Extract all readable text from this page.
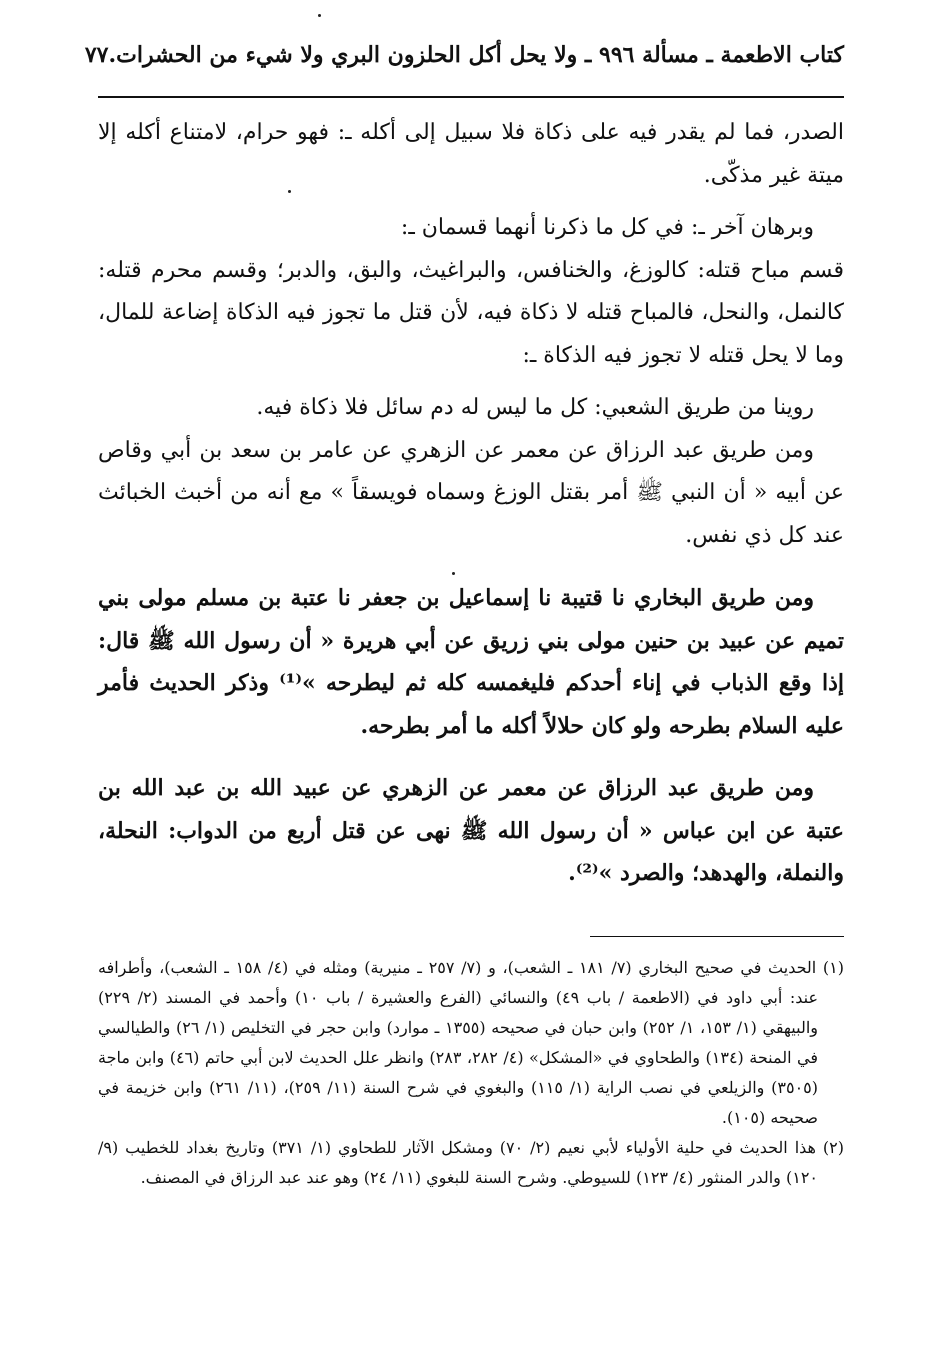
كتاب الاطعمة ـ مسألة ٩٩٦ ـ ولا يحل أكل الحلزون البري ولا شيء من الحشرات.
٧٧

الصدر، فما لم يقدر فيه على ذكاة فلا سبيل إلى أكله ـ: فهو حرام، لامتناع أكله إلا ميتة غير مذكّى.

وبرهان آخر ـ: في كل ما ذكرنا أنهما قسمان ـ:

قسم مباح قتله: كالوزغ، والخنافس، والبراغيث، والبق، والدبر؛ وقسم محرم قتله: كالنمل، والنحل، فالمباح قتله لا ذكاة فيه، لأن قتل ما تجوز فيه الذكاة إضاعة للمال، وما لا يحل قتله لا تجوز فيه الذكاة ـ:

روينا من طريق الشعبي: كل ما ليس له دم سائل فلا ذكاة فيه.

ومن طريق عبد الرزاق عن معمر عن الزهري عن عامر بن سعد بن أبي وقاص عن أبيه « أن النبي ﷺ أمر بقتل الوزغ وسماه فويسقاً » مع أنه من أخبث الخبائث عند كل ذي نفس.

ومن طريق البخاري نا قتيبة نا إسماعيل بن جعفر نا عتبة بن مسلم مولى بني تميم عن عبيد بن حنين مولى بني زريق عن أبي هريرة « أن رسول الله ﷺ قال: إذا وقع الذباب في إناء أحدكم فليغمسه كله ثم ليطرحه »⁽¹⁾ وذكر الحديث فأمر عليه السلام بطرحه ولو كان حلالاً أكله ما أمر بطرحه.

ومن طريق عبد الرزاق عن معمر عن الزهري عن عبيد الله بن عبد الله بن عتبة عن ابن عباس « أن رسول الله ﷺ نهى عن قتل أربع من الدواب: النحلة، والنملة، والهدهد؛ والصرد »⁽²⁾.

(١) الحديث في صحيح البخاري (٧/ ١٨١ ـ الشعب)، و (٧/ ٢٥٧ ـ منيرية) ومثله في (٤/ ١٥٨ ـ الشعب)، وأطرافه عند: أبي داود في (الاطعمة / باب ٤٩) والنسائي (الفرع والعشيرة / باب ١٠) وأحمد في المسند (٢/ ٢٢٩) والبيهقي (١/ ١٥٣، ١/ ٢٥٢) وابن حبان في صحيحه (١٣٥٥ ـ موارد) وابن حجر في التخليص (١/ ٢٦) والطيالسي في المنحة (١٣٤) والطحاوي في «المشكل» (٤/ ٢٨٢، ٢٨٣) وانظر علل الحديث لابن أبي حاتم (٤٦) وابن ماجة (٣٥٠٥) والزيلعي في نصب الراية (١/ ١١٥) والبغوي في شرح السنة (١١/ ٢٥٩)، (١١/ ٢٦١) وابن خزيمة في صحيحه (١٠٥).

(٢) هذا الحديث في حلية الأولياء لأبي نعيم (٢/ ٧٠) ومشكل الآثار للطحاوي (١/ ٣٧١) وتاريخ بغداد للخطيب (٩/ ١٢٠) والدر المنثور (٤/ ١٢٣) للسيوطي. وشرح السنة للبغوي (١١/ ٢٤) وهو عند عبد الرزاق في المصنف.
